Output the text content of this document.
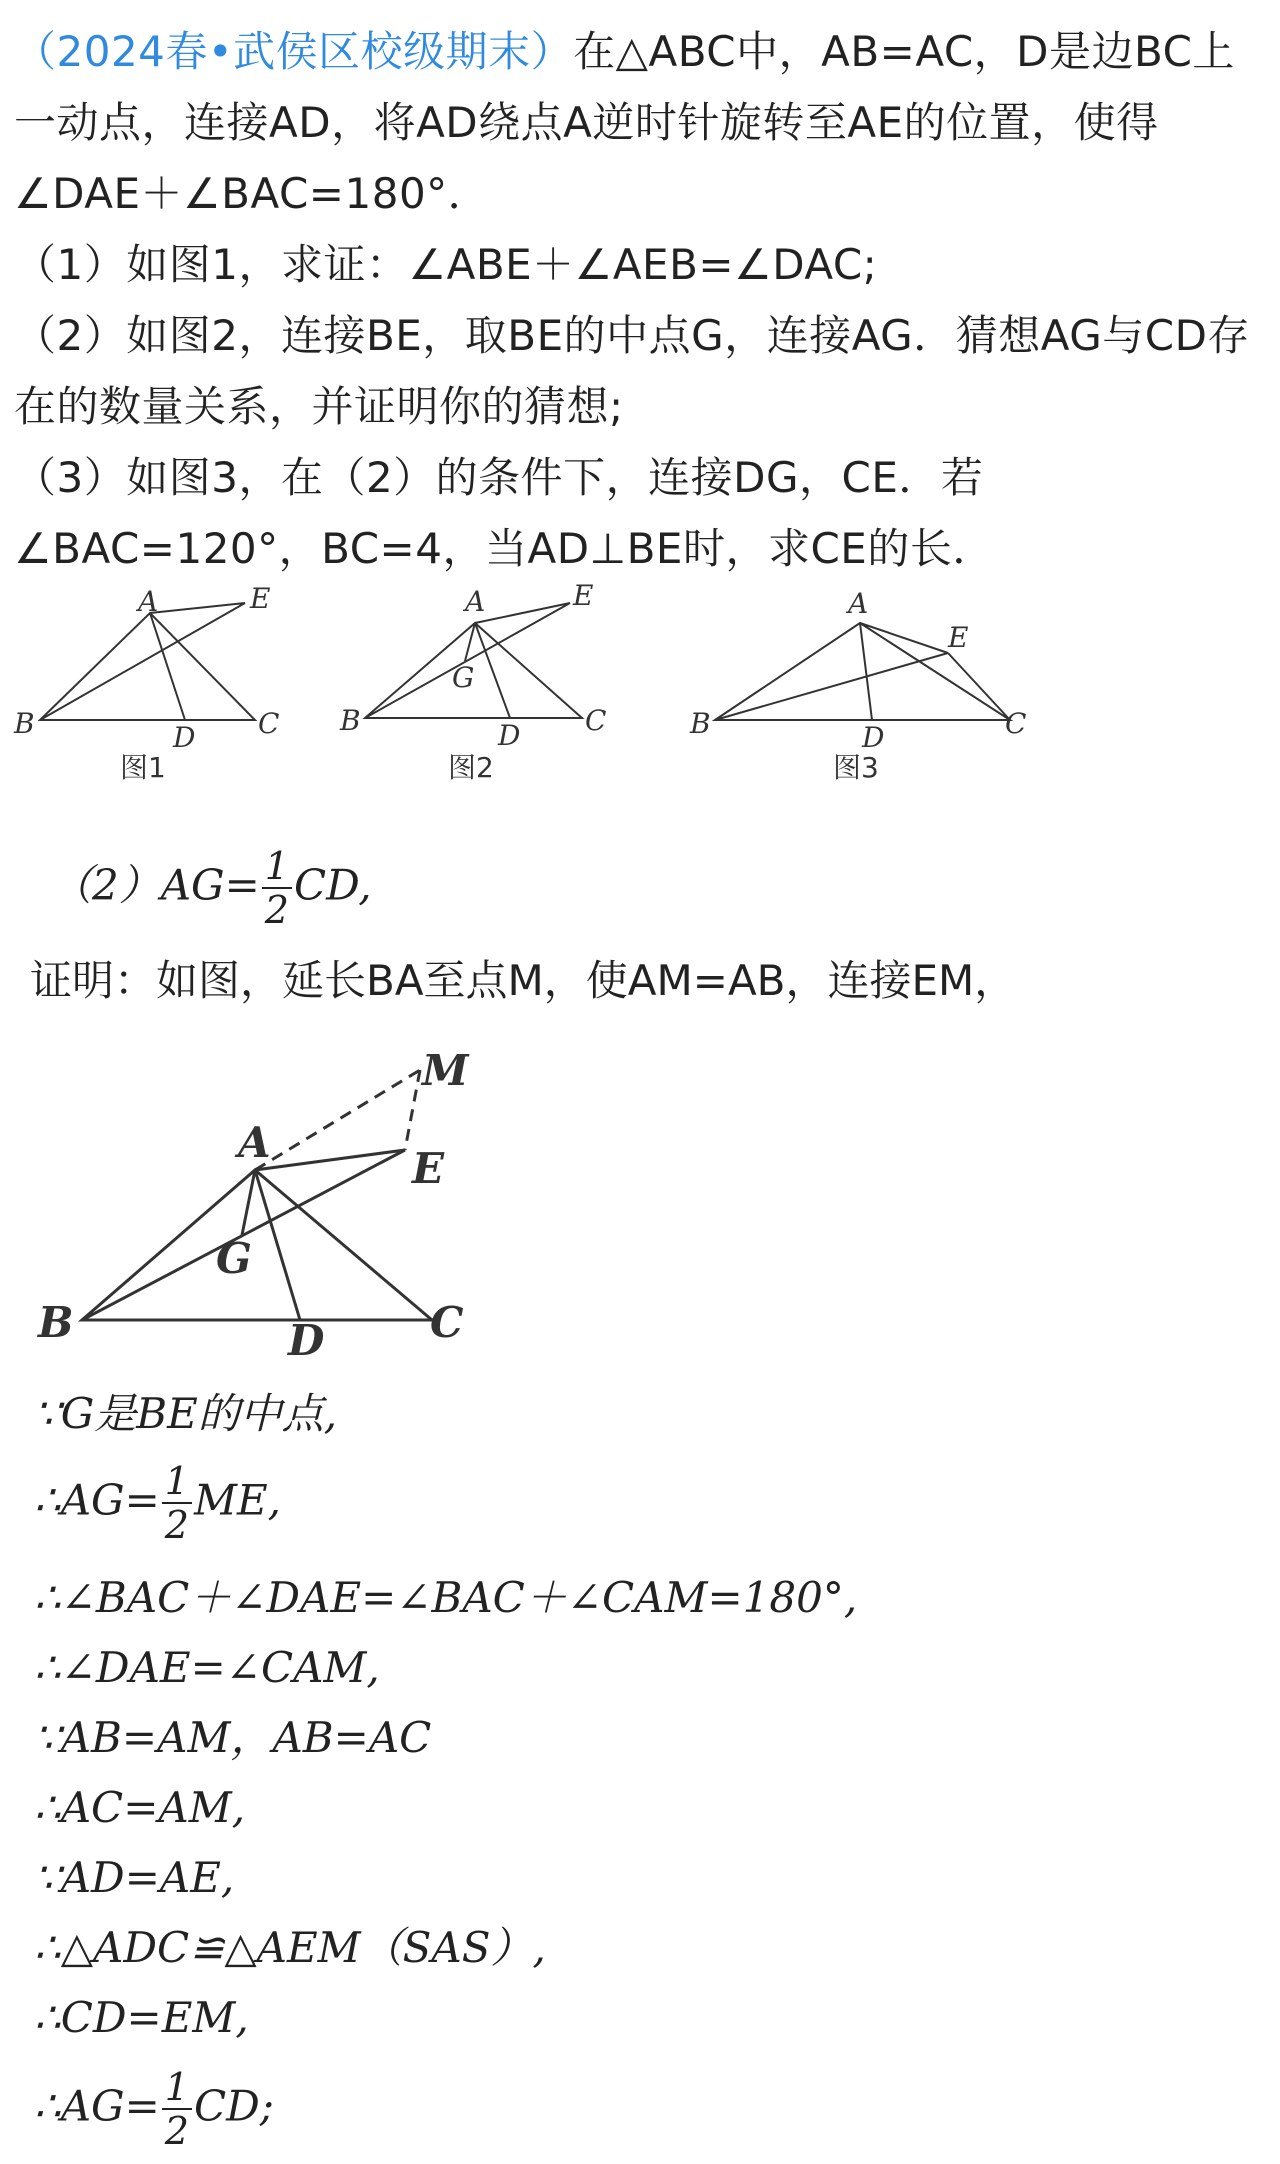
（2024春•武侯区校级期末）在△ABC中，AB=AC，D是边BC上一动点，连接AD，将AD绕点A逆时针旋转至AE的位置，使得∠DAE＋∠BAC=180°．

（1）如图1，求证：∠ABE＋∠AEB=∠DAC;

（2）如图2，连接BE，取BE的中点G，连接AG．猜想AG与CD存在的数量关系，并证明你的猜想;

（3）如图3，在（2）的条件下，连接DG，CE．若∠BAC=120°，BC=4，当AD⊥BE时，求CE的长．

A	E
B	D C
图1
A	E
G
B	D C
图2
A
E
B	D	C
图3
$(2)AG= \frac{1}{2}$ CD,
证明：如图，延长BA至点M，使AM=AB，连接EM，
A
E
M
G
B	D	C
∵G是BE的中点,
∴AG= $\frac{1}{2}$ ME,
∴∠BAC＋∠DAE=∠BAC＋∠CAM=180°,
∴∠DAE=∠CAM,
∵AB=AM，AB=AC
∴AC=AM,
∵AD=AE,
∴△ADC≌△AEM（SAS）,
∴CD=EM,
∴AG= $\frac{1}{2}$ CD;
